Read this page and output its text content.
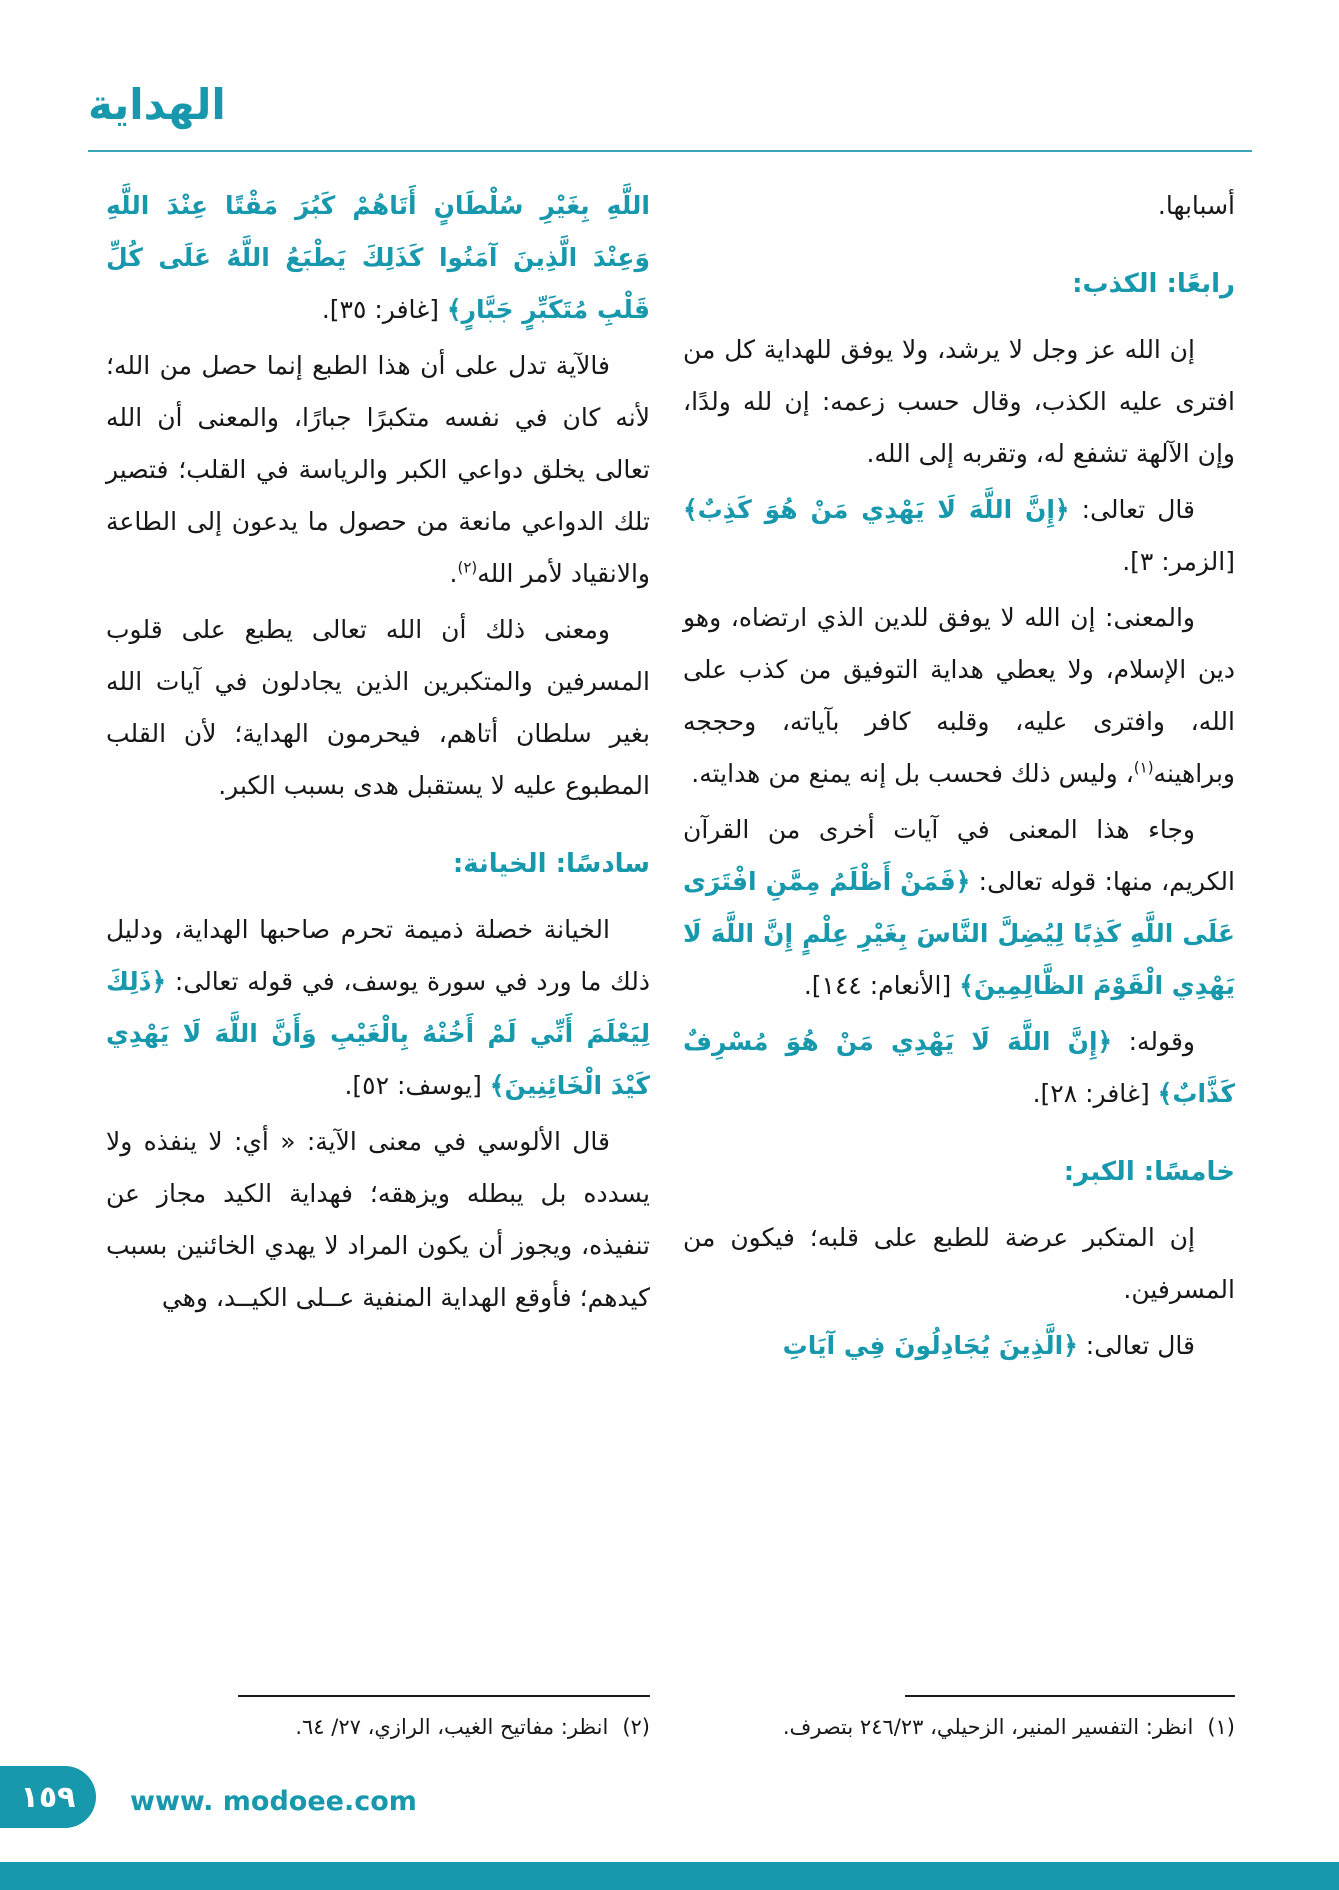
الهداية

أسبابها.

رابعًا: الكذب:

إن الله عز وجل لا يرشد، ولا يوفق للهداية كل من افترى عليه الكذب، وقال حسب زعمه: إن لله ولدًا، وإن الآلهة تشفع له، وتقربه إلى الله.

قال تعالى: ﴿إِنَّ اللَّهَ لَا يَهْدِي مَنْ هُوَ كَذِبٌ﴾ [الزمر: ٣].

والمعنى: إن الله لا يوفق للدين الذي ارتضاه، وهو دين الإسلام، ولا يعطي هداية التوفيق من كذب على الله، وافترى عليه، وقلبه كافر بآياته، وحججه وبراهينه$^{(١)}$، وليس ذلك فحسب بل إنه يمنع من هدايته.

وجاء هذا المعنى في آيات أخرى من القرآن الكريم، منها: قوله تعالى: ﴿فَمَنْ أَظْلَمُ مِمَّنِ افْتَرَى عَلَى اللَّهِ كَذِبًا لِيُضِلَّ النَّاسَ بِغَيْرِ عِلْمٍ إِنَّ اللَّهَ لَا يَهْدِي الْقَوْمَ الظَّالِمِينَ﴾ [الأنعام: ١٤٤].

وقوله: ﴿إِنَّ اللَّهَ لَا يَهْدِي مَنْ هُوَ مُسْرِفٌ كَذَّابٌ﴾ [غافر: ٢٨].

خامسًا: الكبر:

إن المتكبر عرضة للطبع على قلبه؛ فيكون من المسرفين.

قال تعالى: ﴿الَّذِينَ يُجَادِلُونَ فِي آيَاتِ

(١)
انظر: التفسير المنير، الزحيلي، ٢٤٦/٢٣ بتصرف.

اللَّهِ بِغَيْرِ سُلْطَانٍ أَتَاهُمْ كَبُرَ مَقْتًا عِنْدَ اللَّهِ وَعِنْدَ الَّذِينَ آمَنُوا كَذَلِكَ يَطْبَعُ اللَّهُ عَلَى كُلِّ قَلْبِ مُتَكَبِّرٍ جَبَّارٍ﴾ [غافر: ٣٥].

فالآية تدل على أن هذا الطبع إنما حصل من الله؛ لأنه كان في نفسه متكبرًا جبارًا، والمعنى أن الله تعالى يخلق دواعي الكبر والرياسة في القلب؛ فتصير تلك الدواعي مانعة من حصول ما يدعون إلى الطاعة والانقياد لأمر الله$^{(٢)}$.

ومعنى ذلك أن الله تعالى يطبع على قلوب المسرفين والمتكبرين الذين يجادلون في آيات الله بغير سلطان أتاهم، فيحرمون الهداية؛ لأن القلب المطبوع عليه لا يستقبل هدى بسبب الكبر.

سادسًا: الخيانة:

الخيانة خصلة ذميمة تحرم صاحبها الهداية، ودليل ذلك ما ورد في سورة يوسف، في قوله تعالى: ﴿ذَلِكَ لِيَعْلَمَ أَنِّي لَمْ أَخُنْهُ بِالْغَيْبِ وَأَنَّ اللَّهَ لَا يَهْدِي كَيْدَ الْخَائِنِينَ﴾ [يوسف: ٥٢].

قال الألوسي في معنى الآية: « أي: لا ينفذه ولا يسدده بل يبطله ويزهقه؛ فهداية الكيد مجاز عن تنفيذه، ويجوز أن يكون المراد لا يهدي الخائنين بسبب كيدهم؛ فأوقع الهداية المنفية عــلى الكيــد، وهي

(٢)
انظر: مفاتيح الغيب، الرازي، ٢٧/ ٦٤.

١٥٩ www. modoee.com
